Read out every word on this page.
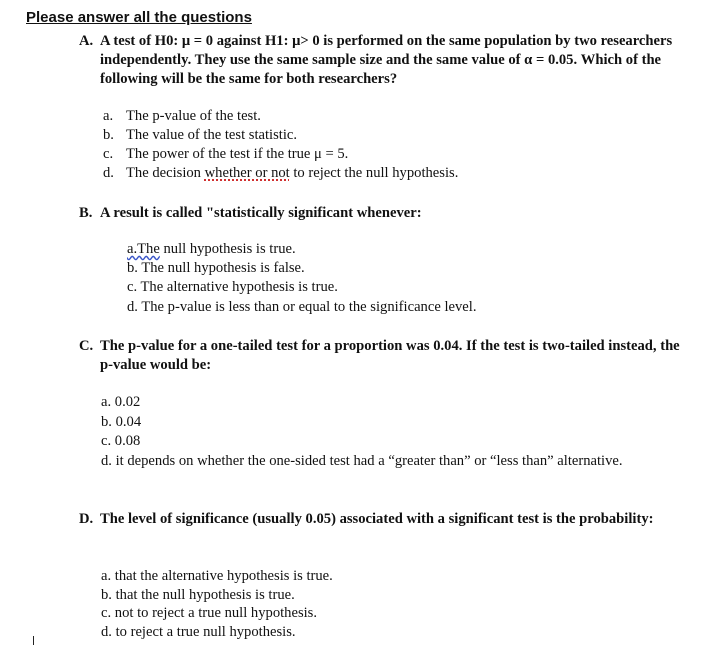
Please answer all the questions
A. A test of H0: μ = 0 against H1: μ> 0 is performed on the same population by two researchers independently. They use the same sample size and the same value of α = 0.05. Which of the following will be the same for both researchers?
a. The p-value of the test.
b. The value of the test statistic.
c. The power of the test if the true μ = 5.
d. The decision whether or not to reject the null hypothesis.
B. A result is called "statistically significant whenever:
a.The null hypothesis is true.
b. The null hypothesis is false.
c. The alternative hypothesis is true.
d. The p-value is less than or equal to the significance level.
C. The p-value for a one-tailed test for a proportion was 0.04. If the test is two-tailed instead, the p-value would be:
a. 0.02
b. 0.04
c. 0.08
d. it depends on whether the one-sided test had a “greater than” or “less than” alternative.
D. The level of significance (usually 0.05) associated with a significant test is the probability:
a. that the alternative hypothesis is true.
b. that the null hypothesis is true.
c. not to reject a true null hypothesis.
d. to reject a true null hypothesis.
